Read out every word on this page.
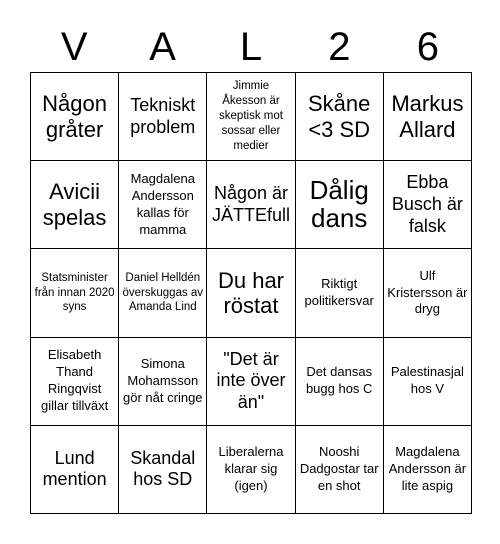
V	A	L	2	6
Någon gråter
Tekniskt problem
Jimmie Åkesson är skeptisk mot sossar eller medier
Skåne <3 SD
Markus Allard
Avicii spelas
Magdalena Andersson kallas för mamma
Någon är JÄTTEfull
Dålig dans
Ebba Busch är falsk
Statsminister från innan 2020 syns
Daniel Helldén överskuggas av Amanda Lind
Du har röstat
Riktigt politikersvar
Ulf Kristersson är dryg
Elisabeth Thand Ringqvist gillar tillväxt
Simona Mohamsson gör nåt cringe
"Det är inte över än"
Det dansas bugg hos C
Palestinasjal hos V
Lund mention
Skandal hos SD
Liberalerna klarar sig (igen)
Nooshi Dadgostar tar en shot
Magdalena Andersson är lite aspig
